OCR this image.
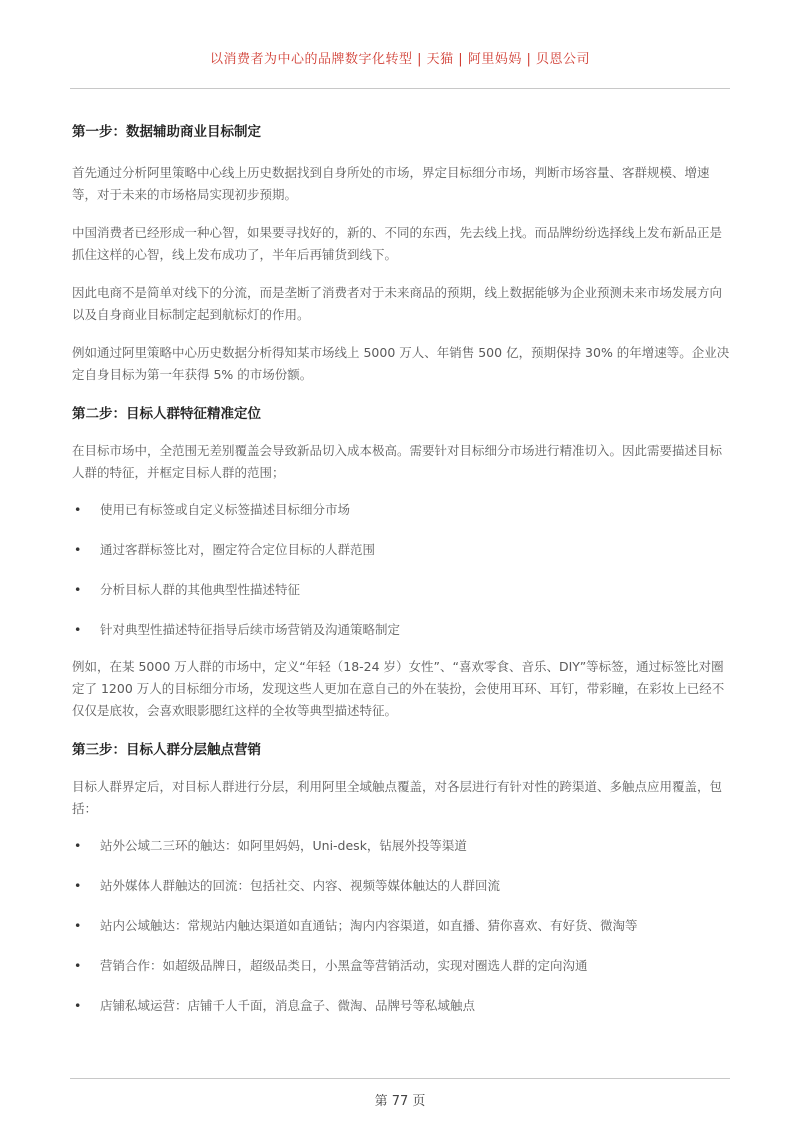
以消费者为中心的品牌数字化转型 | 天猫 | 阿里妈妈 | 贝恩公司

第一步：数据辅助商业目标制定

首先通过分析阿里策略中心线上历史数据找到自身所处的市场，界定目标细分市场，判断市场容量、客群规模、增速等，对于未来的市场格局实现初步预期。

中国消费者已经形成一种心智，如果要寻找好的，新的、不同的东西，先去线上找。而品牌纷纷选择线上发布新品正是抓住这样的心智，线上发布成功了，半年后再铺货到线下。

因此电商不是简单对线下的分流，而是垄断了消费者对于未来商品的预期，线上数据能够为企业预测未来市场发展方向以及自身商业目标制定起到航标灯的作用。

例如通过阿里策略中心历史数据分析得知某市场线上 5000 万人、年销售 500 亿，预期保持 30% 的年增速等。企业决定自身目标为第一年获得 5% 的市场份额。

第二步：目标人群特征精准定位

在目标市场中，全范围无差别覆盖会导致新品切入成本极高。需要针对目标细分市场进行精准切入。因此需要描述目标人群的特征，并框定目标人群的范围；

• 使用已有标签或自定义标签描述目标细分市场

• 通过客群标签比对，圈定符合定位目标的人群范围

• 分析目标人群的其他典型性描述特征

• 针对典型性描述特征指导后续市场营销及沟通策略制定

例如，在某 5000 万人群的市场中，定义“年轻（18-24 岁）女性”、“喜欢零食、音乐、DIY”等标签，通过标签比对圈定了 1200 万人的目标细分市场，发现这些人更加在意自己的外在装扮，会使用耳环、耳钉，带彩瞳，在彩妆上已经不仅仅是底妆，会喜欢眼影腮红这样的全妆等典型描述特征。

第三步：目标人群分层触点营销

目标人群界定后，对目标人群进行分层，利用阿里全域触点覆盖，对各层进行有针对性的跨渠道、多触点应用覆盖，包括：

• 站外公域二三环的触达：如阿里妈妈，Uni-desk，钻展外投等渠道

• 站外媒体人群触达的回流：包括社交、内容、视频等媒体触达的人群回流

• 站内公域触达：常规站内触达渠道如直通钻；淘内内容渠道，如直播、猜你喜欢、有好货、微淘等

• 营销合作：如超级品牌日，超级品类日，小黑盒等营销活动，实现对圈选人群的定向沟通

• 店铺私域运营：店铺千人千面，消息盒子、微淘、品牌号等私域触点

第 77 页
